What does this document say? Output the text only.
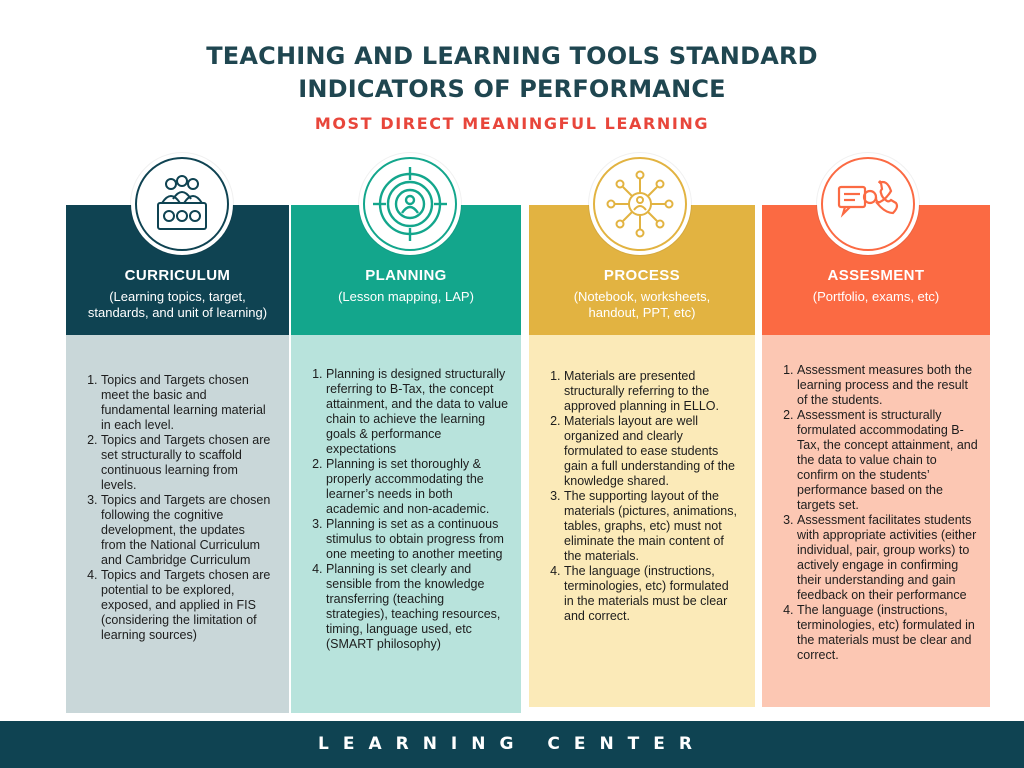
TEACHING AND LEARNING TOOLS STANDARD
INDICATORS OF PERFORMANCE
MOST DIRECT MEANINGFUL LEARNING
CURRICULUM
(Learning topics, target, standards, and unit of learning)
1. Topics and Targets chosen meet the basic and fundamental learning material in each level.
2. Topics and Targets chosen are set structurally to scaffold continuous learning from levels.
3. Topics and Targets are chosen following the cognitive development, the updates from the National Curriculum and Cambridge Curriculum
4. Topics and Targets chosen are potential to be explored, exposed, and applied in FIS (considering the limitation of learning sources)
PLANNING
(Lesson mapping, LAP)
1. Planning is designed structurally referring to B-Tax, the concept attainment, and the data to value chain to achieve the learning goals & performance expectations
2. Planning is set thoroughly & properly accommodating the learner’s needs in both academic and non-academic.
3. Planning is set as a continuous stimulus to obtain progress from one meeting to another meeting
4. Planning is set clearly and sensible from the knowledge transferring (teaching strategies), teaching resources, timing, language used, etc (SMART philosophy)
PROCESS
(Notebook, worksheets, handout, PPT, etc)
1. Materials are presented structurally referring to the approved planning in ELLO.
2. Materials layout are well organized and clearly formulated to ease students gain a full understanding of the knowledge shared.
3. The supporting layout of the materials (pictures, animations, tables, graphs, etc) must not eliminate the main content of the materials.
4. The language (instructions, terminologies, etc) formulated in the materials must be clear and correct.
ASSESMENT
(Portfolio, exams, etc)
1. Assessment measures both the learning process and the result of the students.
2. Assessment is structurally formulated accommodating B-Tax, the concept attainment, and the data to value chain to confirm on the students’ performance based on the targets set.
3. Assessment facilitates students with appropriate activities (either individual, pair, group works) to actively engage in confirming their understanding and gain feedback on their performance
4. The language (instructions, terminologies, etc) formulated in the materials must be clear and correct.
LEARNING CENTER
